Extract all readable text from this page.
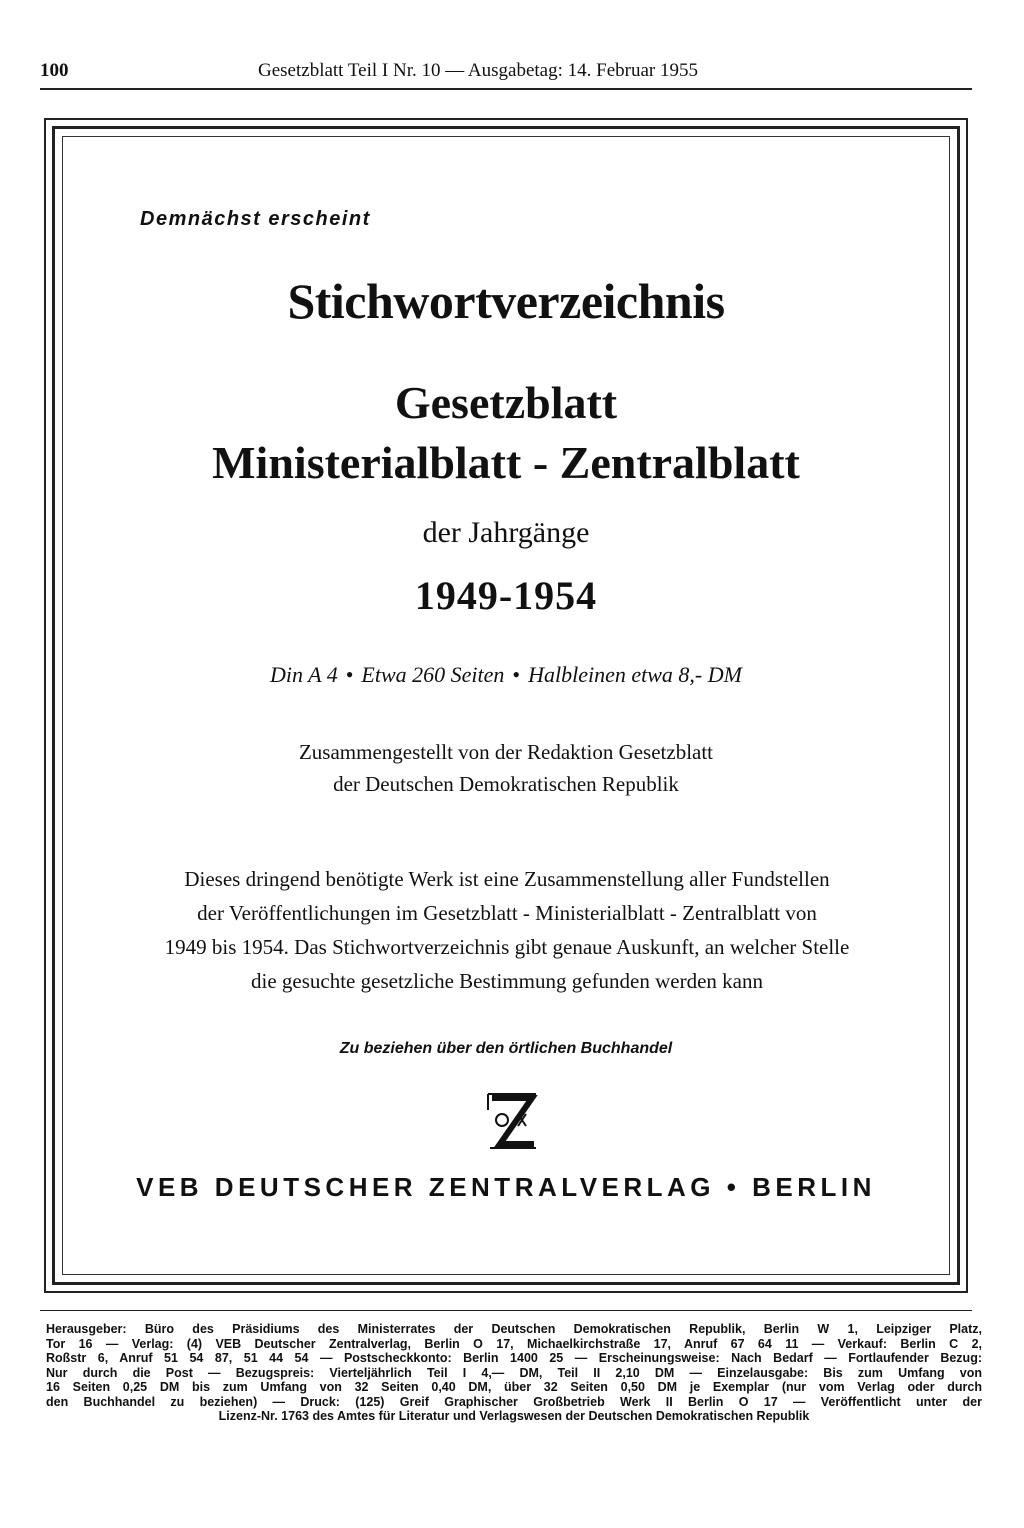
100	Gesetzblatt Teil I Nr. 10 — Ausgabetag: 14. Februar 1955
Demnächst erscheint
Stichwortverzeichnis
Gesetzblatt
Ministerialblatt - Zentralblatt
der Jahrgänge
1949-1954
Din A 4 • Etwa 260 Seiten • Halbleinen etwa 8,- DM
Zusammengestellt von der Redaktion Gesetzblatt
der Deutschen Demokratischen Republik
Dieses dringend benötigte Werk ist eine Zusammenstellung aller Fundstellen
der Veröffentlichungen im Gesetzblatt - Ministerialblatt - Zentralblatt von
1949 bis 1954. Das Stichwortverzeichnis gibt genaue Auskunft, an welcher Stelle
die gesuchte gesetzliche Bestimmung gefunden werden kann
Zu beziehen über den örtlichen Buchhandel
VEB DEUTSCHER ZENTRALVERLAG • BERLIN
Herausgeber: Büro des Präsidiums des Ministerrates der Deutschen Demokratischen Republik, Berlin W 1, Leipziger Platz,
Tor 16 — Verlag: (4) VEB Deutscher Zentralverlag, Berlin O 17, Michaelkirchstraße 17, Anruf 67 64 11 — Verkauf: Berlin C 2,
Roßstr 6, Anruf 51 54 87, 51 44 54 — Postscheckkonto: Berlin 1400 25 — Erscheinungsweise: Nach Bedarf — Fortlaufender Bezug:
Nur durch die Post — Bezugspreis: Vierteljährlich Teil I 4,— DM, Teil II 2,10 DM — Einzelausgabe: Bis zum Umfang von
16 Seiten 0,25 DM bis zum Umfang von 32 Seiten 0,40 DM, über 32 Seiten 0,50 DM je Exemplar (nur vom Verlag oder durch
den Buchhandel zu beziehen) — Druck: (125) Greif Graphischer Großbetrieb Werk II Berlin O 17 — Veröffentlicht unter der
Lizenz-Nr. 1763 des Amtes für Literatur und Verlagswesen der Deutschen Demokratischen Republik
